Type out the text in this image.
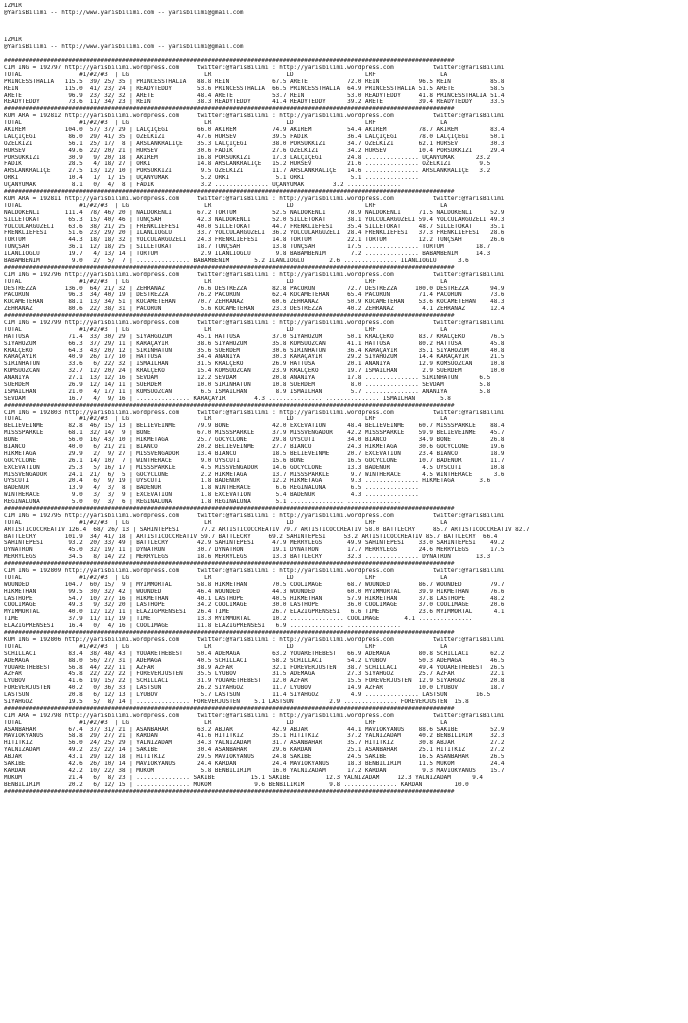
IZMIR
@YarisBilimi -- http://www.yarisbilimi.com -- yarisbilimi@gmail.com

IZMIR
@YarisBilimi -- http://www.yarisbilimi.com -- yarisbilimi@gmail.com

##############################################################################################################################
CIM ING = 192797 http://yarisbilimi.wordpress.com     twitter:@YarisBilimi : http://yarisbilimi.wordpress.com           twitter:@YarisBilimi
TOTAL                #1/#2/#3  | LG                     LR                     LD                    LRF                  LA
PRINCESSTHALIA   115.5  39/ 25/ 35 | PRINCESSTHALIA   88.8 REIN            67.5 ARETE           72.0 REIN           96.5 REIN           85.8
REIN             115.0  41/ 23/ 24 | READYTEDDY       53.6 PRINCESSTHALIA  66.5 PRINCESSTHALIA  64.9 PRINCESSTHALIA 51.5 ARETE          58.5
ARETE             96.9  23/ 32/ 32 | ARETE            48.4 ARETE           53.7 REIN            53.0 READYTEDDY     41.8 PRINCESSTHALIA 51.4
READYTEDDY        73.6  11/ 34/ 23 | REIN             38.3 READYTEDDY      41.4 READYTEDDY      39.2 ARETE          39.4 READYTEDDY     33.5
##############################################################################################################################
KUM ARA = 192812 http://yarisbilimi.wordpress.com     twitter:@YarisBilimi : http://yarisbilimi.wordpress.com           twitter:@YarisBilimi
TOTAL                #1/#2/#3  | LG                     LR                     LD                    LRF                  LA
AKIREM           104.0  57/ 37/ 29 | LALÇIÇEGI        66.0 AKIREM          74.9 AKIREM          54.4 AKIREM         78.7 AKIREM         83.4
LALÇIÇEGI         86.0  29/ 41/ 35 | ÖZELKIZI         47.6 HÜRSEV          39.5 FADIK           36.4 LALÇIÇEGI      78.0 LALÇIÇEGI      50.1
ÖZELKIZI          56.1  25/ 17/  8 | ARSLANKRALIÇE    35.3 LALÇIÇEGI       38.0 PORSUKKIZI      34.7 ÖZELKIZI       62.1 HÜRSEV         30.3
HÜRSEV            49.6  22/ 20/ 21 | HÜRSEV           30.6 FADIK           27.6 ÖZELKIZI        34.2 HÜRSEV         10.4 PORSUKKIZI     29.4
PORSUKKIZI        30.9   9/ 20/ 18 | AKIREM           16.8 PORSUKKIZI      17.3 LALÇIÇEGI       24.8 ............... UÇANYUMAK      23.2
FADIK             28.5   4/ 18/ 27 | ORKI             14.8 ARSLANKRALIÇE   15.2 HÜRSEV          21.6 ............... ÖZELKIZI        9.5
ARSLANKRALIÇE     27.5  13/ 12/ 10 | PORSUKKIZI        9.5 ÖZELKIZI        11.7 ARSLANKRALIÇE   14.6 ............... ARSLANKRALIÇE   3.2
ORKI              10.4   1/  1/ 15 | UÇANYUMAK         5.2 ORKI             5.1 ORKI             5.1 ...............
UÇANYUMAK          8.1   0/  4/  8 | FADIK             3.2 ............... UÇANYUMAK        3.2 ...............
##############################################################################################################################
KUM ARA = 192811 http://yarisbilimi.wordpress.com     twitter:@YarisBilimi : http://yarisbilimi.wordpress.com           twitter:@YarisBilimi
TOTAL                #1/#2/#3  | LG                     LR                     LD                    LRF                  LA
NALDÖKENLI       111.4  78/ 46/ 20 | NALDÖKENLI       67.2 TORTUM          52.5 NALDÖKENLI      78.9 NALDÖKENLI     71.5 NALDÖKENLI     52.9
SILLETOKAT        65.3  15/ 40/ 46 | TUNÇSAH          42.3 NALDÖKENLI      52.0 SILLETOKAT      38.1 YOLCULARGÜZELI 59.4 YOLCULARGÜZELI 49.3
YOLCULARGÜZELI    63.6  38/ 21/ 25 | FRENKLIEFESI     40.0 SILLETOKAT      44.7 FRENKLIEFESI    35.4 SILLETOKAT     48.7 SILLETOKAT     35.1
FRENKLIEFESI      51.6  23/ 29/ 20 | ILANLIOGLU       33.7 YOLCULARGÜZELI  36.2 YOLCULARGÜZELI  28.4 FRENKLIEFESI   37.3 FRENKLIEFESI   28.6
TORTUM            44.3  18/ 18/ 32 | YOLCULARGÜZELI   24.3 FRENKLIEFESI    14.8 TORTUM          22.1 TORTUM         12.2 TUNÇSAH        26.6
TUNÇSAH           36.1  12/ 18/ 25 | SILLETOKAT       18.7 TUNÇSAH         13.8 TUNÇSAH         17.5 ............... TORTUM         18.7
ILANLIOGLU        19.7   4/ 13/ 14 | TORTUM            2.9 ILANLIOGLU       9.8 BABAMBENIM       7.2 ............... BABAMBENIM     14.3
BABAMBENIM         9.0   2/  5/  7 | ............... BABAMBENIM       5.2 ILANLIOGLU       2.6 ............... ILANLIOGLU      3.6
##############################################################################################################################
CIM ING = 192796 http://yarisbilimi.wordpress.com     twitter:@YarisBilimi : http://yarisbilimi.wordpress.com           twitter:@YarisBilimi
TOTAL                #1/#2/#3  | LG                     LR                     LD                    LRF                  LA
DESTREZZA        136.0  64/ 21/ 32 | ZEHRANAZ         76.6 DESTREZZA       82.8 PACORUN         72.7 DESTREZZA     100.0 DESTREZZA      94.9
PACORUN           96.3  34/ 40/ 19 | DESTREZZA        76.2 PACORUN         62.4 KOCAMETEHAN     65.4 PACORUN        71.4 PACORUN        73.6
KOCAMETEHAN       88.1  13/ 34/ 51 | KOCAMETEHAN      70.7 ZEHRANAZ        60.6 ZEHRANAZ        50.9 KOCAMETEHAN    53.6 KOCAMETEHAN    48.3
ZEHRANAZ          80.6  22/ 38/ 31 | PACORUN           5.6 KOCAMETEHAN     23.3 DESTREZZA       40.2 ZEHRANAZ        4.1 ZEHRANAZ       12.4
##############################################################################################################################
CIM ING = 192799 http://yarisbilimi.wordpress.com     twitter:@YarisBilimi : http://yarisbilimi.wordpress.com           twitter:@YarisBilimi
TOTAL                #1/#2/#3  | LG                     LR                     LD                    LRF                  LA
HATTUSA           71.4  33/ 30/ 29 | SIYAHGÖZÜM       45.1 HATTUSA         37.0 SIYAHÖZÜM       50.1 KRALÇEKO       83.7 KRALÇEKO       76.5
SIYAHÖZÜM         66.3  37/ 29/ 11 | KARAÇAYIR        38.6 SIYAHÖZÜM       35.8 KOMSUÖZCAN      41.1 HATTUSA        80.2 HATTUSA        45.8
KRALÇEKO          64.3  43/ 20/ 12 | SIRINHATUN       35.6 SÜERDEM         30.6 SIRINHATUN      36.4 KARAÇAYIR      35.1 SIYAHÖZÜM      40.8
KARAÇAYIR         40.9  26/ 17/ 10 | HATTUSA          34.4 ANANIYA         30.3 KARAÇAYIR       29.2 SIYAHÖZÜM      14.4 KARAÇAYIR      21.5
SIRINHATUN        33.6   6/ 22/ 32 | ISMAILHAN        31.5 KRALÇEKO        26.9 HATTUSA         20.1 ANANIYA        12.9 KOMSUÖZCAN     10.8
KOMSUÖZCAN        32.7  12/ 20/ 24 | KRALÇEKO         15.4 KOMSUÖZCAN      23.9 KRALÇEKO        19.7 ISMAILHAN       2.9 SÜERDEM        10.0
ANANIYA           27.1  13/ 12/ 16 | SEVDAM           12.2 SEVDAM          20.8 ANANIYA         17.8 ............... SIRINHATUN      6.5
SÜERDEM           26.9  12/ 14/ 11 | SÜERDEM          10.0 SIRINHATUN      10.8 SÜERDEM          8.0 ............... SEVDAM          5.8
ISMAILHAN         21.0   4/ 17/ 11 | KOMSUÖZCAN        6.5 ISMAILHAN        8.9 ISMAILHAN        5.7 ............... ANANIYA         5.8
SEVDAM            16.7   4/  9/ 16 | ............... KARAÇAYIR        4.3 ............... ............... ISMAILHAN       5.8
##############################################################################################################################
CIM ING = 192803 http://yarisbilimi.wordpress.com     twitter:@YarisBilimi : http://yarisbilimi.wordpress.com           twitter:@YarisBilimi
TOTAL                #1/#2/#3  | LG                     LR                     LD                    LRF                  LA
BELIEVEINME       82.8  46/ 15/ 13 | BELIEVEINME      79.9 BONE            42.0 EXCEVATION      48.4 BELIEVEINME    60.7 MISSSPARKLE    88.4
MISSSPARKLE       68.1  32/ 14/  9 | BONE             67.0 MISSSPARKLE     37.9 MISSVENGADOR    42.2 MISSSPARKLE    59.9 BELIEVEINME    45.7
BONE              56.0  16/ 43/ 10 | HIKMETAGA        25.7 GOCYCLONE       29.8 UYSCUTI         34.0 BIANCO         34.9 BONE           26.8
BIANCO            40.0   6/ 21/ 21 | BIANCO           20.2 BELIEVEINME     27.7 BIANCO          24.3 HIKMETAGA      30.6 GOCYCLONE      19.6
HIKMETAGA         29.9   2/  9/ 27 | MISSVENGADOR     13.4 BIANCO          18.5 BELIEVEINME     20.7 EXCEVATION     23.4 BIANCO         18.9
GOCYCLONE         26.1  14/ 10/  7 | WINTHERACE        9.0 UYSCUTI         15.6 BONE            16.5 GOCYCLONE      10.7 BADENUR        11.7
EXCEVATION        25.3   5/ 16/ 17 | MISSSPARKLE       4.5 MISSVENGADOR    14.6 GOCYCLONE       13.3 BADENUR         4.5 UYSCUTI        10.8
MISSVENGADOR      24.1  21/  6/  5 | GOCYCLONE         2.2 HIKMETAGA       13.7 MISSSPARKLE      9.7 WINTHERACE      4.5 WINTHERACE      3.6
UYSCUTI           20.4   6/  9/ 19 | UYSCUTI           1.8 BADENUR         12.2 HIKMETAGA        9.3 ............... HIKMETAGA       3.6
BADENUR           13.9   4/  3/  8 | BADENUR           1.8 WINTHERACE       6.6 REGINALUNA       6.5 ...............
WINTHERACE         9.0   3/  3/  9 | EXCEVATION        1.8 EXCEVATION       5.4 BADENUR          4.3 ...............
REGINALUNA         5.0   0/  3/  6 | REGINALUNA        1.8 REGINALUNA       5.1 ............... ...............
##############################################################################################################################
CIM ING = 192795 http://yarisbilimi.wordpress.com     twitter:@YarisBilimi : http://yarisbilimi.wordpress.com           twitter:@YarisBilimi
TOTAL                #1/#2/#3  | LG                     LR                     LD                    LRF                  LA
ARTISTICOCCREATIV 126.4  68/ 26/ 13 | SAHINTEPESI      77.2 ARTISTICOCCREATIV 79.7 ARTISTICOCCREATIV 58.0 BATTLECRY     85.7 ARTISTICOCCREATIV 82.7
BATTLECRY        101.9  34/ 41/ 18 | ARTISTICOCCREATIV 59.7 BATTLECRY     69.2 SAHINTEPESI     53.2 ARTISTICOCCREATIV 85.7 BATTLECRY  66.4
SAHINTEPESI       93.2  20/ 33/ 49 | BATTLECRY        42.9 SAHINTEPESI     47.9 MERRYLEGS       49.9 SAHINTEPESI    33.0 SAHINTEPESI    49.2
DYNATRON          45.0  32/ 19/ 11 | DYNATRON         30.7 DYNATRON        19.1 DYNATRON        17.7 MERRYLEGS      24.6 MERRYLEGS      17.5
MERRYLEGS         34.5   8/ 14/ 22 | MERRYLEGS        18.6 MERRYLEGS       13.3 BATTLECRY       32.3 ............... DYNATRON       13.3
##############################################################################################################################
CIM ING = 192809 http://yarisbilimi.wordpress.com     twitter:@YarisBilimi : http://yarisbilimi.wordpress.com           twitter:@YarisBilimi
TOTAL                #1/#2/#3  | LG                     LR                     LD                    LRF                  LA
WOUNDED          104.7  60/ 15/  9 | MYIMMORTAL       58.8 HIKMETHAN       70.5 COOLIMAGE       68.7 WOUNDED        86.7 WOUNDED        79.7
HIKMETHAN         99.5  30/ 32/ 42 | WOUNDED          46.4 WOUNDED         44.3 WOUNDED         60.0 MYIMMORTAL     39.9 HIKMETHAN      76.6
LASTHOPE          54.7  10/ 27/ 16 | HIKMETHAN        40.1 LASTHOPE        40.5 HIKMETHAN       57.9 HIKMETHAN      37.8 LASTHOPE       48.2
COOLIMAGE         49.3   9/ 32/ 20 | LASTHOPE         34.2 COOLIMAGE       30.0 LASTHOPE        36.0 COOLIMAGE      37.0 COOLIMAGE      20.6
MYIMMORTAL        40.0  12/ 12/ 11 | ELAZIGPRENSESI   26.4 TIME            26.7 ELAZIGPRENSESI   6.6 TIME           23.6 MYIMMORTAL      4.1
TIME              37.9  11/ 11/ 19 | TIME             13.3 MYIMMORTAL      10.2 ............... COOLIMAGE       4.1 ...............
ELAZIGPRENSESI    16.4   0/  4/ 16 | COOLIMAGE        11.8 ELAZIGPRENSESI   6.9 ............... ...............
##############################################################################################################################
KUM ING = 192806 http://yarisbilimi.wordpress.com     twitter:@YarisBilimi : http://yarisbilimi.wordpress.com           twitter:@YarisBilimi
TOTAL                #1/#2/#3  | LG                     LR                     LD                    LRF                  LA
SCHILLACI         83.4  38/ 48/ 43 | YOUARETHEBEST    50.4 ADEMAGA         63.2 YOUARETHEBEST   66.9 ADEMAGA        80.8 SCHILLACI      62.2
ADEMAGA           88.0  56/ 27/ 31 | ADEMAGA          40.5 SCHILLACI       58.2 SCHILLACI       54.2 LYUBOV         50.3 ADEMAGA        46.5
YOUARETHEBEST     56.8  44/ 22/ 11 | AZFAR            38.9 AZFAR           32.1 FOREVERJUSTEN   38.7 SCHILLACI      49.4 YOUARETHEBEST  26.5
AZFAR             45.8  22/ 22/ 22 | FOREVERJUSTEN    35.5 LYUBOV          31.5 ADEMAGA         27.3 SIYAHGÖZ       25.7 AZFAR          22.1
LYUBOV            41.6  19/ 15/ 22 | SCHILLACI        31.9 YOUARETHEBEST   12.0 AZFAR           15.5 FOREVERJUSTEN  12.9 SIYAHGÖZ       20.8
FOREVERJUSTEN     40.2   0/ 36/ 33 | LASTSUN          26.2 SIYAHGÖZ        11.7 LYUBOV          14.9 AZFAR          10.0 LYUBOV         18.7
LASTSUN           20.8   6/ 12/ 13 | LYUBOV            5.7 LASTSUN         11.4 SIYAHGÖZ         4.9 ............... LASTSUN        16.5
SIYAHGÖZ          19.5   5/  8/ 14 | ............... FOREVERJUSTEN    5.1 LASTSUN          2.9 ............... FOREVERJUSTEN  15.8
##############################################################################################################################
CIM ARA = 192798 http://yarisbilimi.wordpress.com     twitter:@YarisBilimi : http://yarisbilimi.wordpress.com           twitter:@YarisBilimi
TOTAL                #1/#2/#3  | LG                     LR                     LD                    LRF                  LA
ASANBAHAR         67.4  37/ 31/ 21 | ASANBAHAR        63.2 ABJAR           42.9 ABJAR           44.1 MAVIOKYANUS    88.6 SAKIBE         52.9
MAVIOKYANUS       58.8  29/ 27/ 21 | KARDAN           41.6 HITITKIZ        35.1 HITITKIZ        37.2 YALNIZADAM     40.2 BENBILIRIM     32.3
HITITKIZ          56.0  24/ 25/ 29 | YALNIZADAM       34.3 YALNIZADAM      31.7 ASANBAHAR       35.7 HITITKIZ       30.8 ABJAR          27.2
YALNIZADAM        49.2  23/ 22/ 14 | SAKIBE           30.4 ASANBAHAR       29.6 KARDAN          25.1 ASANBAHAR      25.1 HITITKIZ       27.2
ABJAR             43.1  29/ 12/ 18 | HITITKIZ         29.5 MAVIOKYANUS     24.8 SAKIBE          24.5 SAKIBE         16.5 ASANBAHAR      26.5
SAKIBE            42.6  26/ 10/ 14 | MAVIOKYANUS      24.4 KARDAN          24.4 MAVIOKYANUS     18.3 BENBILIRIM     11.5 MUKOM          24.4
KARDAN            42.2  10/ 22/ 38 | MUKOM             5.8 BENBILIRIM      16.0 YALNIZADAM      17.2 KARDAN          9.3 MAVIOKYANUS    15.7
MUKOM             21.4   6/  8/ 23 | ............... SAKIBE          15.1 SAKIBE          12.3 YALNIZADAM     12.3 YALNIZADAM      9.4
BENBILIRIM        20.2   6/ 12/ 15 | ............... MUKOM            9.6 BENBILIRIM       9.8 ............... KARDAN         10.0
##############################################################################################################################
